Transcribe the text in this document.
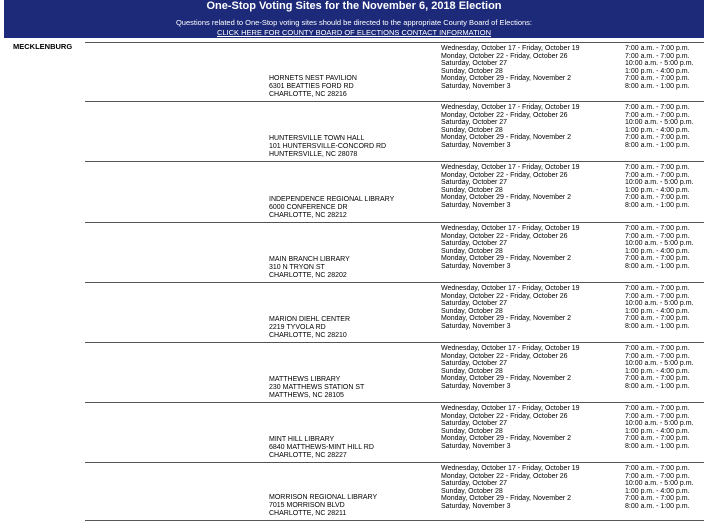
One-Stop Voting Sites for the November 6, 2018 Election
Questions related to One-Stop voting sites should be directed to the appropriate County Board of Elections:
CLICK HERE FOR COUNTY BOARD OF ELECTIONS CONTACT INFORMATION
MECKLENBURG
HORNETS NEST PAVILION
6301 BEATTIES FORD RD
CHARLOTTE, NC 28216
Wednesday, October 17 - Friday, October 19
Monday, October 22 - Friday, October 26
Saturday, October 27
Sunday, October 28
Monday, October 29 - Friday, November 2
Saturday, November 3
7:00 a.m. - 7:00 p.m.
7:00 a.m. - 7:00 p.m.
10:00 a.m. - 5:00 p.m.
1:00 p.m. - 4:00 p.m.
7:00 a.m. - 7:00 p.m.
8:00 a.m. - 1:00 p.m.
HUNTERSVILLE TOWN HALL
101 HUNTERSVILLE-CONCORD RD
HUNTERSVILLE, NC 28078
Wednesday, October 17 - Friday, October 19
Monday, October 22 - Friday, October 26
Saturday, October 27
Sunday, October 28
Monday, October 29 - Friday, November 2
Saturday, November 3
7:00 a.m. - 7:00 p.m.
7:00 a.m. - 7:00 p.m.
10:00 a.m. - 5:00 p.m.
1:00 p.m. - 4:00 p.m.
7:00 a.m. - 7:00 p.m.
8:00 a.m. - 1:00 p.m.
INDEPENDENCE REGIONAL LIBRARY
6000 CONFERENCE DR
CHARLOTTE, NC 28212
Wednesday, October 17 - Friday, October 19
Monday, October 22 - Friday, October 26
Saturday, October 27
Sunday, October 28
Monday, October 29 - Friday, November 2
Saturday, November 3
7:00 a.m. - 7:00 p.m.
7:00 a.m. - 7:00 p.m.
10:00 a.m. - 5:00 p.m.
1:00 p.m. - 4:00 p.m.
7:00 a.m. - 7:00 p.m.
8:00 a.m. - 1:00 p.m.
MAIN BRANCH LIBRARY
310 N TRYON ST
CHARLOTTE, NC 28202
Wednesday, October 17 - Friday, October 19
Monday, October 22 - Friday, October 26
Saturday, October 27
Sunday, October 28
Monday, October 29 - Friday, November 2
Saturday, November 3
7:00 a.m. - 7:00 p.m.
7:00 a.m. - 7:00 p.m.
10:00 a.m. - 5:00 p.m.
1:00 p.m. - 4:00 p.m.
7:00 a.m. - 7:00 p.m.
8:00 a.m. - 1:00 p.m.
MARION DIEHL CENTER
2219 TYVOLA RD
CHARLOTTE, NC 28210
Wednesday, October 17 - Friday, October 19
Monday, October 22 - Friday, October 26
Saturday, October 27
Sunday, October 28
Monday, October 29 - Friday, November 2
Saturday, November 3
7:00 a.m. - 7:00 p.m.
7:00 a.m. - 7:00 p.m.
10:00 a.m. - 5:00 p.m.
1:00 p.m. - 4:00 p.m.
7:00 a.m. - 7:00 p.m.
8:00 a.m. - 1:00 p.m.
MATTHEWS LIBRARY
230 MATTHEWS STATION ST
MATTHEWS, NC 28105
Wednesday, October 17 - Friday, October 19
Monday, October 22 - Friday, October 26
Saturday, October 27
Sunday, October 28
Monday, October 29 - Friday, November 2
Saturday, November 3
7:00 a.m. - 7:00 p.m.
7:00 a.m. - 7:00 p.m.
10:00 a.m. - 5:00 p.m.
1:00 p.m. - 4:00 p.m.
7:00 a.m. - 7:00 p.m.
8:00 a.m. - 1:00 p.m.
MINT HILL LIBRARY
6840 MATTHEWS-MINT HILL RD
CHARLOTTE, NC 28227
Wednesday, October 17 - Friday, October 19
Monday, October 22 - Friday, October 26
Saturday, October 27
Sunday, October 28
Monday, October 29 - Friday, November 2
Saturday, November 3
7:00 a.m. - 7:00 p.m.
7:00 a.m. - 7:00 p.m.
10:00 a.m. - 5:00 p.m.
1:00 p.m. - 4:00 p.m.
7:00 a.m. - 7:00 p.m.
8:00 a.m. - 1:00 p.m.
MORRISON REGIONAL LIBRARY
7015 MORRISON BLVD
CHARLOTTE, NC 28211
Wednesday, October 17 - Friday, October 19
Monday, October 22 - Friday, October 26
Saturday, October 27
Sunday, October 28
Monday, October 29 - Friday, November 2
Saturday, November 3
7:00 a.m. - 7:00 p.m.
7:00 a.m. - 7:00 p.m.
10:00 a.m. - 5:00 p.m.
1:00 p.m. - 4:00 p.m.
7:00 a.m. - 7:00 p.m.
8:00 a.m. - 1:00 p.m.
